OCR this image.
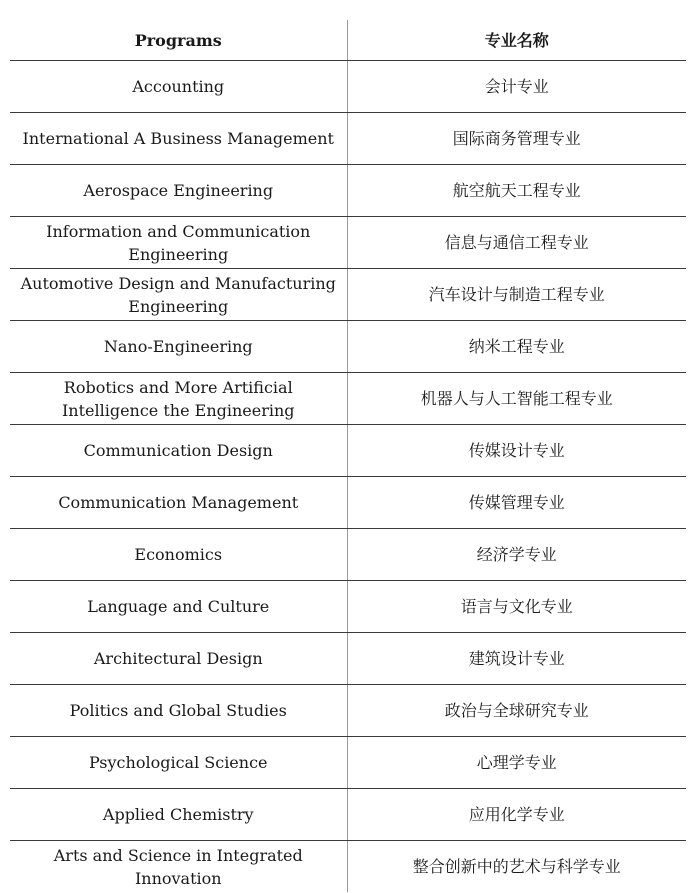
Programs	专业名称
Accounting	会计专业
International A Business Management	国际商务管理专业
Aerospace Engineering	航空航天工程专业
Information and Communication Engineering	信息与通信工程专业
Automotive Design and Manufacturing Engineering	汽车设计与制造工程专业
Nano-Engineering	纳米工程专业
Robotics and More Artificial Intelligence the Engineering	机器人与人工智能工程专业
Communication Design	传媒设计专业
Communication Management	传媒管理专业
Economics	经济学专业
Language and Culture	语言与文化专业
Architectural Design	建筑设计专业
Politics and Global Studies	政治与全球研究专业
Psychological Science	心理学专业
Applied Chemistry	应用化学专业
Arts and Science in Integrated Innovation	整合创新中的艺术与科学专业
